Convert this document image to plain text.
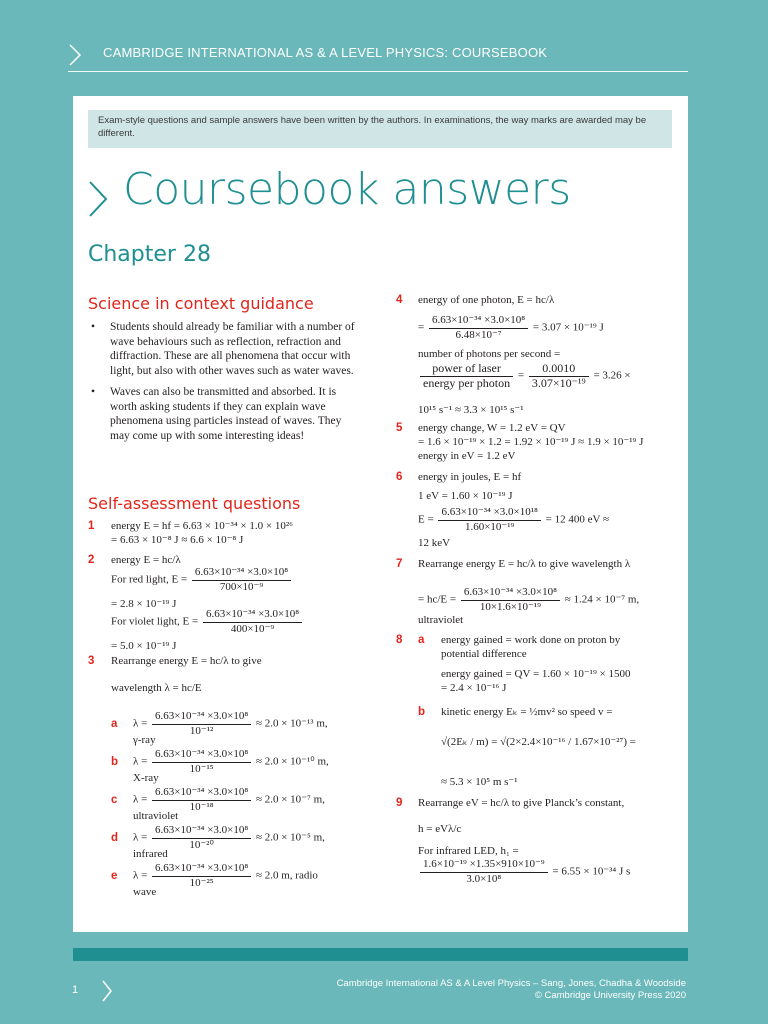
CAMBRIDGE INTERNATIONAL AS & A LEVEL PHYSICS: COURSEBOOK
Exam-style questions and sample answers have been written by the authors. In examinations, the way marks are awarded may be different.
Coursebook answers
Chapter 28
Science in context guidance
• Students should already be familiar with a number of wave behaviours such as reflection, refraction and diffraction. These are all phenomena that occur with light, but also with other waves such as water waves.
• Waves can also be transmitted and absorbed. It is worth asking students if they can explain wave phenomena using particles instead of waves. They may come up with some interesting ideas!
Self-assessment questions
1 energy E = hf = 6.63 × 10⁻³⁴ × 1.0 × 10²⁶
= 6.63 × 10⁻⁸ J ≈ 6.6 × 10⁻⁸ J
2 energy E = hc/λ
For red light, $E = \frac{\text{6.63×10⁻³⁴ ×3.0×10⁸}}{\text{700×10⁻⁹}}$
= 2.8 × 10⁻¹⁹ J
For violet light, $E = \frac{\text{6.63×10⁻³⁴ ×3.0×10⁸}}{\text{400×10⁻⁹}}$
= 5.0 × 10⁻¹⁹ J
3 Rearrange energy E = hc/λ to give
wavelength λ = hc/E
a $\lambda = \frac{\text{6.63×10⁻³⁴ ×3.0×10⁸}}{\text{10⁻¹²}} \approx 2.0 \times 10^{-13}$ m,
γ-ray
b $\lambda = \frac{\text{6.63×10⁻³⁴ ×3.0×10⁸}}{\text{10⁻¹⁵}} \approx 2.0 \times 10^{-10}$ m,
X-ray
c $\lambda = \frac{\text{6.63×10⁻³⁴ ×3.0×10⁸}}{\text{10⁻¹⁸}} \approx 2.0 \times 10^{-7}$ m,
ultraviolet
d $\lambda = \frac{\text{6.63×10⁻³⁴ ×3.0×10⁸}}{\text{10⁻²⁰}} \approx 2.0 \times 10^{-5}$ m,
infrared
e $\lambda = \frac{\text{6.63×10⁻³⁴ ×3.0×10⁸}}{\text{10⁻²⁵}} \approx 2.0$ m, radio
wave
4 energy of one photon, E = hc/λ
= $\frac{\text{6.63×10⁻³⁴ ×3.0×10⁸}}{\text{6.48×10⁻⁷}} = 3.07 \times 10^{-19}$ J
number of photons per second =
$\frac{\text{power of laser}}{\text{energy per photon}} = \frac{0.0010}{\text{3.07×10⁻¹⁹}} = 3.26$ ×
10¹⁵ s⁻¹ ≈ 3.3 × 10¹⁵ s⁻¹
5 energy change, W = 1.2 eV = QV
= 1.6 × 10⁻¹⁹ × 1.2 = 1.92 × 10⁻¹⁹ J ≈ 1.9 × 10⁻¹⁹ J
energy in eV = 1.2 eV
6 energy in joules, E = hf
1 eV = 1.60 × 10⁻¹⁹ J
$E = \frac{\text{6.63×10⁻³⁴ ×3.0×10¹⁸}}{\text{1.60×10⁻¹⁹}} = 12$ 400 eV ≈
12 keV
7 Rearrange energy E = hc/λ to give wavelength λ
= $hc/E = \frac{\text{6.63×10⁻³⁴ ×3.0×10⁸}}{\text{10×1.6×10⁻¹⁹}} \approx 1.24 \times 10^{-7}$ m,
ultraviolet
8 a energy gained = work done on proton by
potential difference
energy gained = QV = 1.60 × 10⁻¹⁹ × 1500
= 2.4 × 10⁻¹⁶ J
b kinetic energy Eₖ = ½mv² so speed v =
√(2Eₖ / m) = √(2×2.4×10⁻¹⁶ / 1.67×10⁻²⁷) =
≈ 5.3 × 10⁵ m s⁻¹
9 Rearrange eV = hc/λ to give Planck’s constant,
h = eVλ/c
For infrared LED, h₁ =
$\frac{\text{1.6×10⁻¹⁹ ×1.35×910×10⁻⁹}}{\text{3.0×10⁸}} = 6.55 \times 10^{-34}$ J s
1
Cambridge International AS & A Level Physics – Sang, Jones, Chadha & Woodside
© Cambridge University Press 2020
